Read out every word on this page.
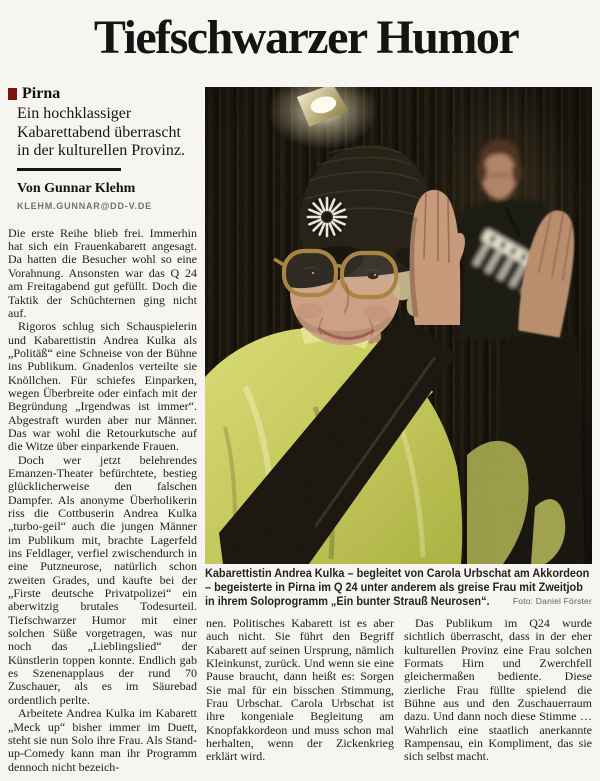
Tiefschwarzer Humor
Pirna

Ein hochklassiger Kabarettabend überrascht in der kulturellen Provinz.

Von Gunnar Klehm

KLEHM.GUNNAR@DD-V.DE

Die erste Reihe blieb frei. Immerhin hat sich ein Frauenkabarett angesagt. Da hatten die Besucher wohl so eine Vorahnung. Ansonsten war das Q 24 am Freitagabend gut gefüllt. Doch die Taktik der Schüchternen ging nicht auf.

Rigoros schlug sich Schauspielerin und Kabarettistin Andrea Kulka als „Politäß“ eine Schneise von der Bühne ins Publikum. Gnadenlos verteilte sie Knöllchen. Für schiefes Einparken, wegen Überbreite oder einfach mit der Begründung „Irgendwas ist immer“. Abgestraft wurden aber nur Männer. Das war wohl die Retourkutsche auf die Witze über einparkende Frauen.

Doch wer jetzt belehrendes Emanzen-Theater befürchtete, bestieg glücklicherweise den falschen Dampfer. Als anonyme Überholikerin riss die Cottbuserin Andrea Kulka „turbo-geil“ auch die jungen Männer im Publikum mit, brachte Lagerfeld ins Feldlager, verfiel zwischendurch in eine Putzneurose, natürlich schon zweiten Grades, und kaufte bei der „Firste deutsche Privatpolizei“ ein aberwitzig brutales Todesurteil. Tiefschwarzer Humor mit einer solchen Süße vorgetragen, was nur noch das „Lieblingslied“ der Künstlerin toppen konnte. Endlich gab es Szenenapplaus der rund 70 Zuschauer, als es im Säurebad ordentlich perlte.

Arbeitete Andrea Kulka im Kabarett „Meck up“ bisher immer im Duett, steht sie nun Solo ihre Frau. Als Stand-up-Comedy kann man ihr Programm dennoch nicht bezeich-

Kabarettistin Andrea Kulka – begleitet von Carola Urbschat am Akkordeon – begeisterte in Pirna im Q 24 unter anderem als greise Frau mit Zweitjob in ihrem Soloprogramm „Ein bunter Strauß Neurosen“.	Foto: Daniel Förster

nen. Politisches Kabarett ist es aber auch nicht. Sie führt den Begriff Kabarett auf seinen Ursprung, nämlich Kleinkunst, zurück. Und wenn sie eine Pause braucht, dann heißt es: Sorgen Sie mal für ein bisschen Stimmung, Frau Urbschat. Carola Urbschat ist ihre kongeniale Begleitung am Knopfakkordeon und muss schon mal herhalten, wenn der Zickenkrieg erklärt wird.

Das Publikum im Q24 wurde sichtlich überrascht, dass in der eher kulturellen Provinz eine Frau solchen Formats Hirn und Zwerchfell gleichermaßen bediente. Diese zierliche Frau füllte spielend die Bühne aus und den Zuschauerraum dazu. Und dann noch diese Stimme … Wahrlich eine staatlich anerkannte Rampensau, ein Kompliment, das sie sich selbst macht.
